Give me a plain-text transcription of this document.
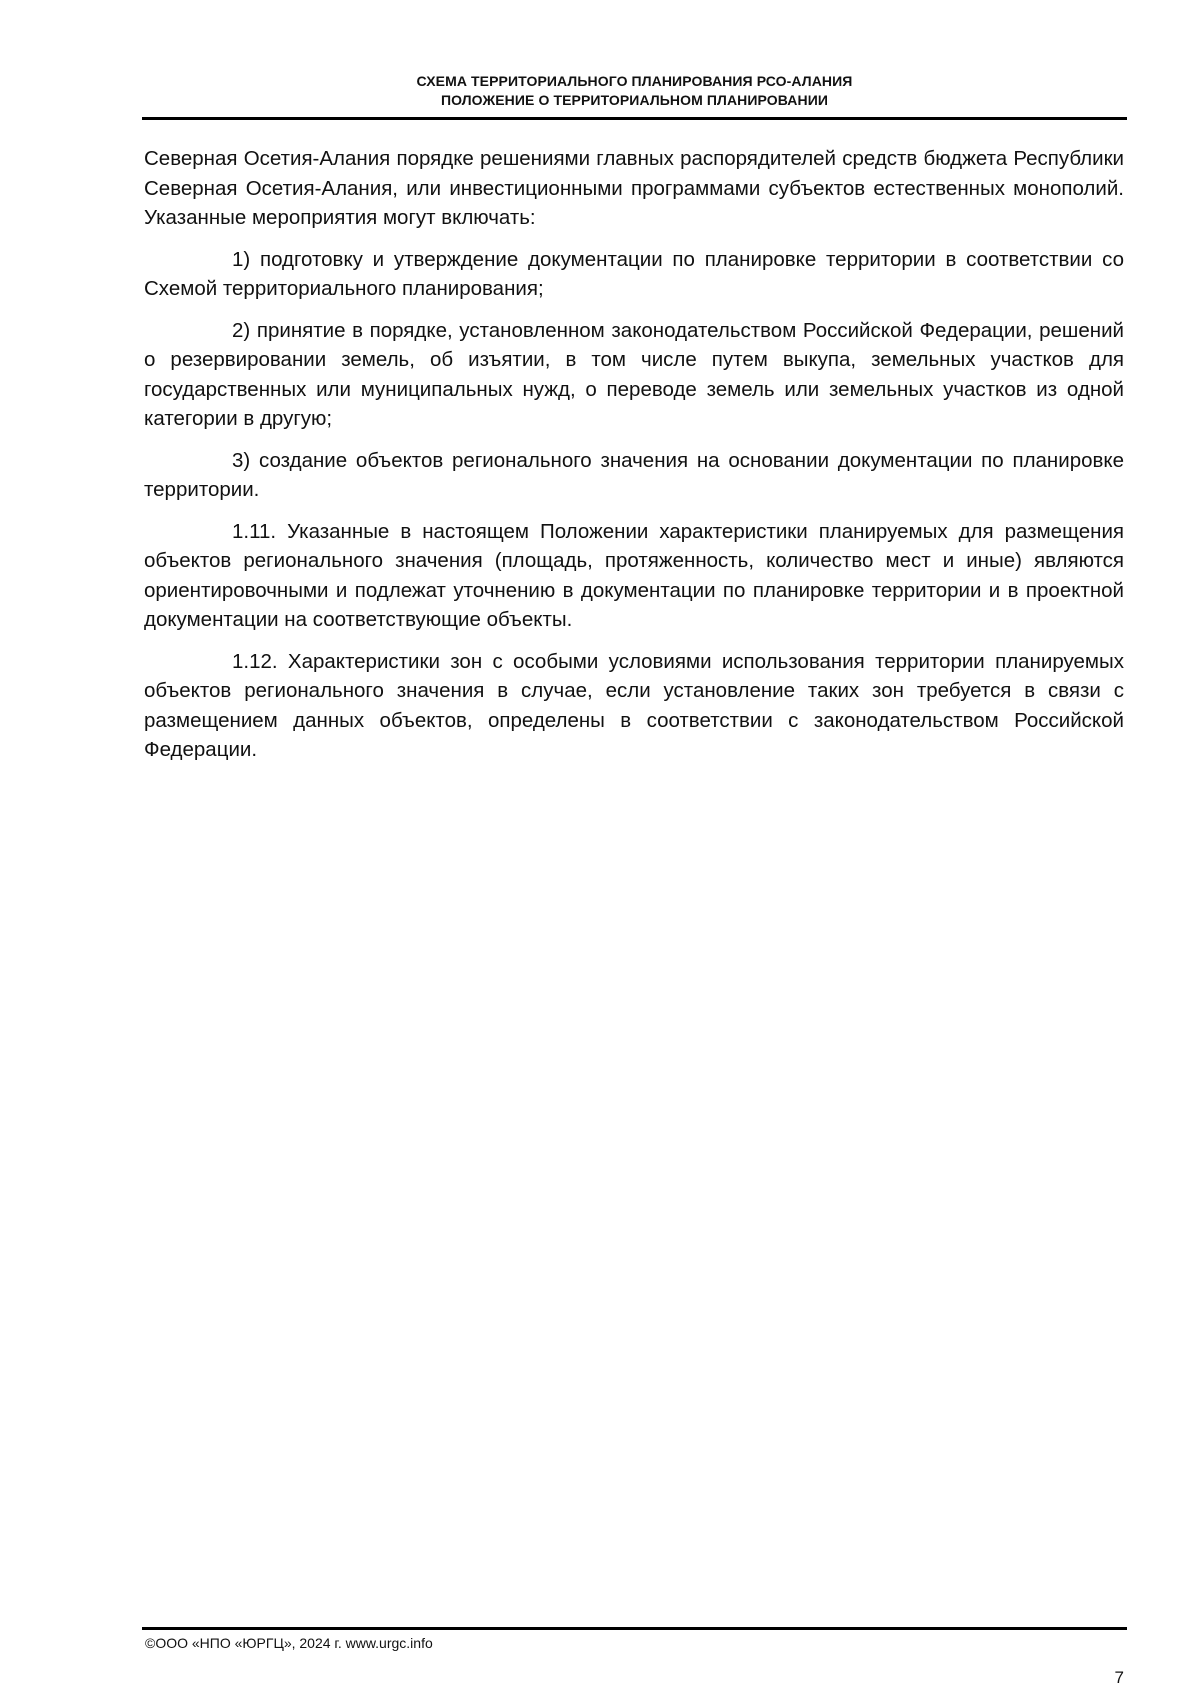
СХЕМА ТЕРРИТОРИАЛЬНОГО ПЛАНИРОВАНИЯ РСО-АЛАНИЯ
ПОЛОЖЕНИЕ О ТЕРРИТОРИАЛЬНОМ ПЛАНИРОВАНИИ

Северная Осетия-Алания порядке решениями главных распорядителей средств бюджета Республики Северная Осетия-Алания, или инвестиционными программами субъектов естественных монополий. Указанные мероприятия могут включать:

1) подготовку и утверждение документации по планировке территории в соответствии со Схемой территориального планирования;

2) принятие в порядке, установленном законодательством Российской Федерации, решений о резервировании земель, об изъятии, в том числе путем выкупа, земельных участков для государственных или муниципальных нужд, о переводе земель или земельных участков из одной категории в другую;

3) создание объектов регионального значения на основании документации по планировке территории.

1.11. Указанные в настоящем Положении характеристики планируемых для размещения объектов регионального значения (площадь, протяженность, количество мест и иные) являются ориентировочными и подлежат уточнению в документации по планировке территории и в проектной документации на соответствующие объекты.

1.12. Характеристики зон с особыми условиями использования территории планируемых объектов регионального значения в случае, если установление таких зон требуется в связи с размещением данных объектов, определены в соответствии с законодательством Российской Федерации.

©ООО «НПО «ЮРГЦ», 2024 г. www.urgc.info
7
